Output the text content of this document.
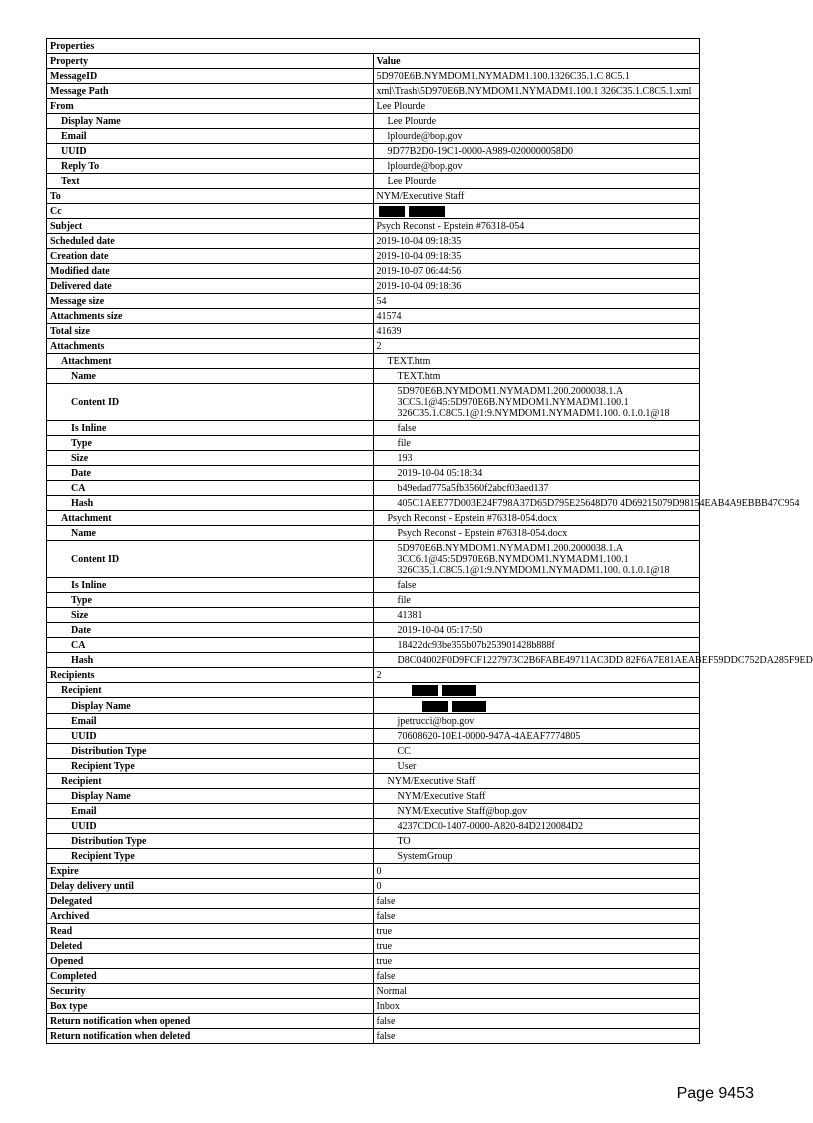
Properties	
Property	Value
MessageID	5D970E6B.NYMDOM1.NYMADM1.100.1326C35.1.C 8C5.1

Message Path	xml\Trash\5D970E6B.NYMDOM1.NYMADM1.100.1 326C35.1.C8C5.1.xml

From	Lee Plourde

Display Name	Lee Plourde

Email	lplourde@bop.gov

UUID	9D77B2D0-19C1-0000-A989-0200000058D0

Reply To	lplourde@bop.gov

Text	Lee Plourde

To	NYM/Executive Staff

Cc	
Subject	Psych Reconst - Epstein #76318-054

Scheduled date	2019-10-04 09:18:35

Creation date	2019-10-04 09:18:35

Modified date	2019-10-07 06:44:56

Delivered date	2019-10-04 09:18:36

Message size	54

Attachments size	41574

Total size	41639

Attachments	2

Attachment	TEXT.htm

Name	TEXT.htm

Content ID	5D970E6B.NYMDOM1.NYMADM1.200.2000038.1.A
3CC5.1@45:5D970E6B.NYMDOM1.NYMADM1.100.1
326C35.1.C8C5.1@1:9.NYMDOM1.NYMADM1.100. 0.1.0.1@18

Is Inline	false

Type	file

Size	193

Date	2019-10-04 05:18:34

CA	b49edad775a5fb3560f2abcf03aed137

Hash	405C1AEE77D003E24F798A37D65D795E25648D70 4D69215079D98154EAB4A9EBBB47C954

Attachment	Psych Reconst - Epstein #76318-054.docx

Name	Psych Reconst - Epstein #76318-054.docx

Content ID	5D970E6B.NYMDOM1.NYMADM1.200.2000038.1.A
3CC6.1@45:5D970E6B.NYMDOM1.NYMADM1.100.1
326C35.1.C8C5.1@1:9.NYMDOM1.NYMADM1.100. 0.1.0.1@18

Is Inline	false

Type	file

Size	41381

Date	2019-10-04 05:17:50

CA	18422dc93be355b07b253901428b888f

Hash	D8C04002F0D9FCF1227973C2B6FABE49711AC3DD 82F6A7E81AEABEF59DDC752DA285F9ED

Recipients	2

Recipient	
Display Name	
Email	jpetrucci@bop.gov

UUID	70608620-10E1-0000-947A-4AEAF7774805

Distribution Type	CC

Recipient Type	User

Recipient	NYM/Executive Staff

Display Name	NYM/Executive Staff

Email	NYM/Executive Staff@bop.gov

UUID	4237CDC0-1407-0000-A820-84D2120084D2

Distribution Type	TO

Recipient Type	SystemGroup

Expire	0

Delay delivery until	0

Delegated	false

Archived	false

Read	true

Deleted	true

Opened	true

Completed	false

Security	Normal

Box type	Inbox

Return notification when opened	false

Return notification when deleted	false
Page 9453
